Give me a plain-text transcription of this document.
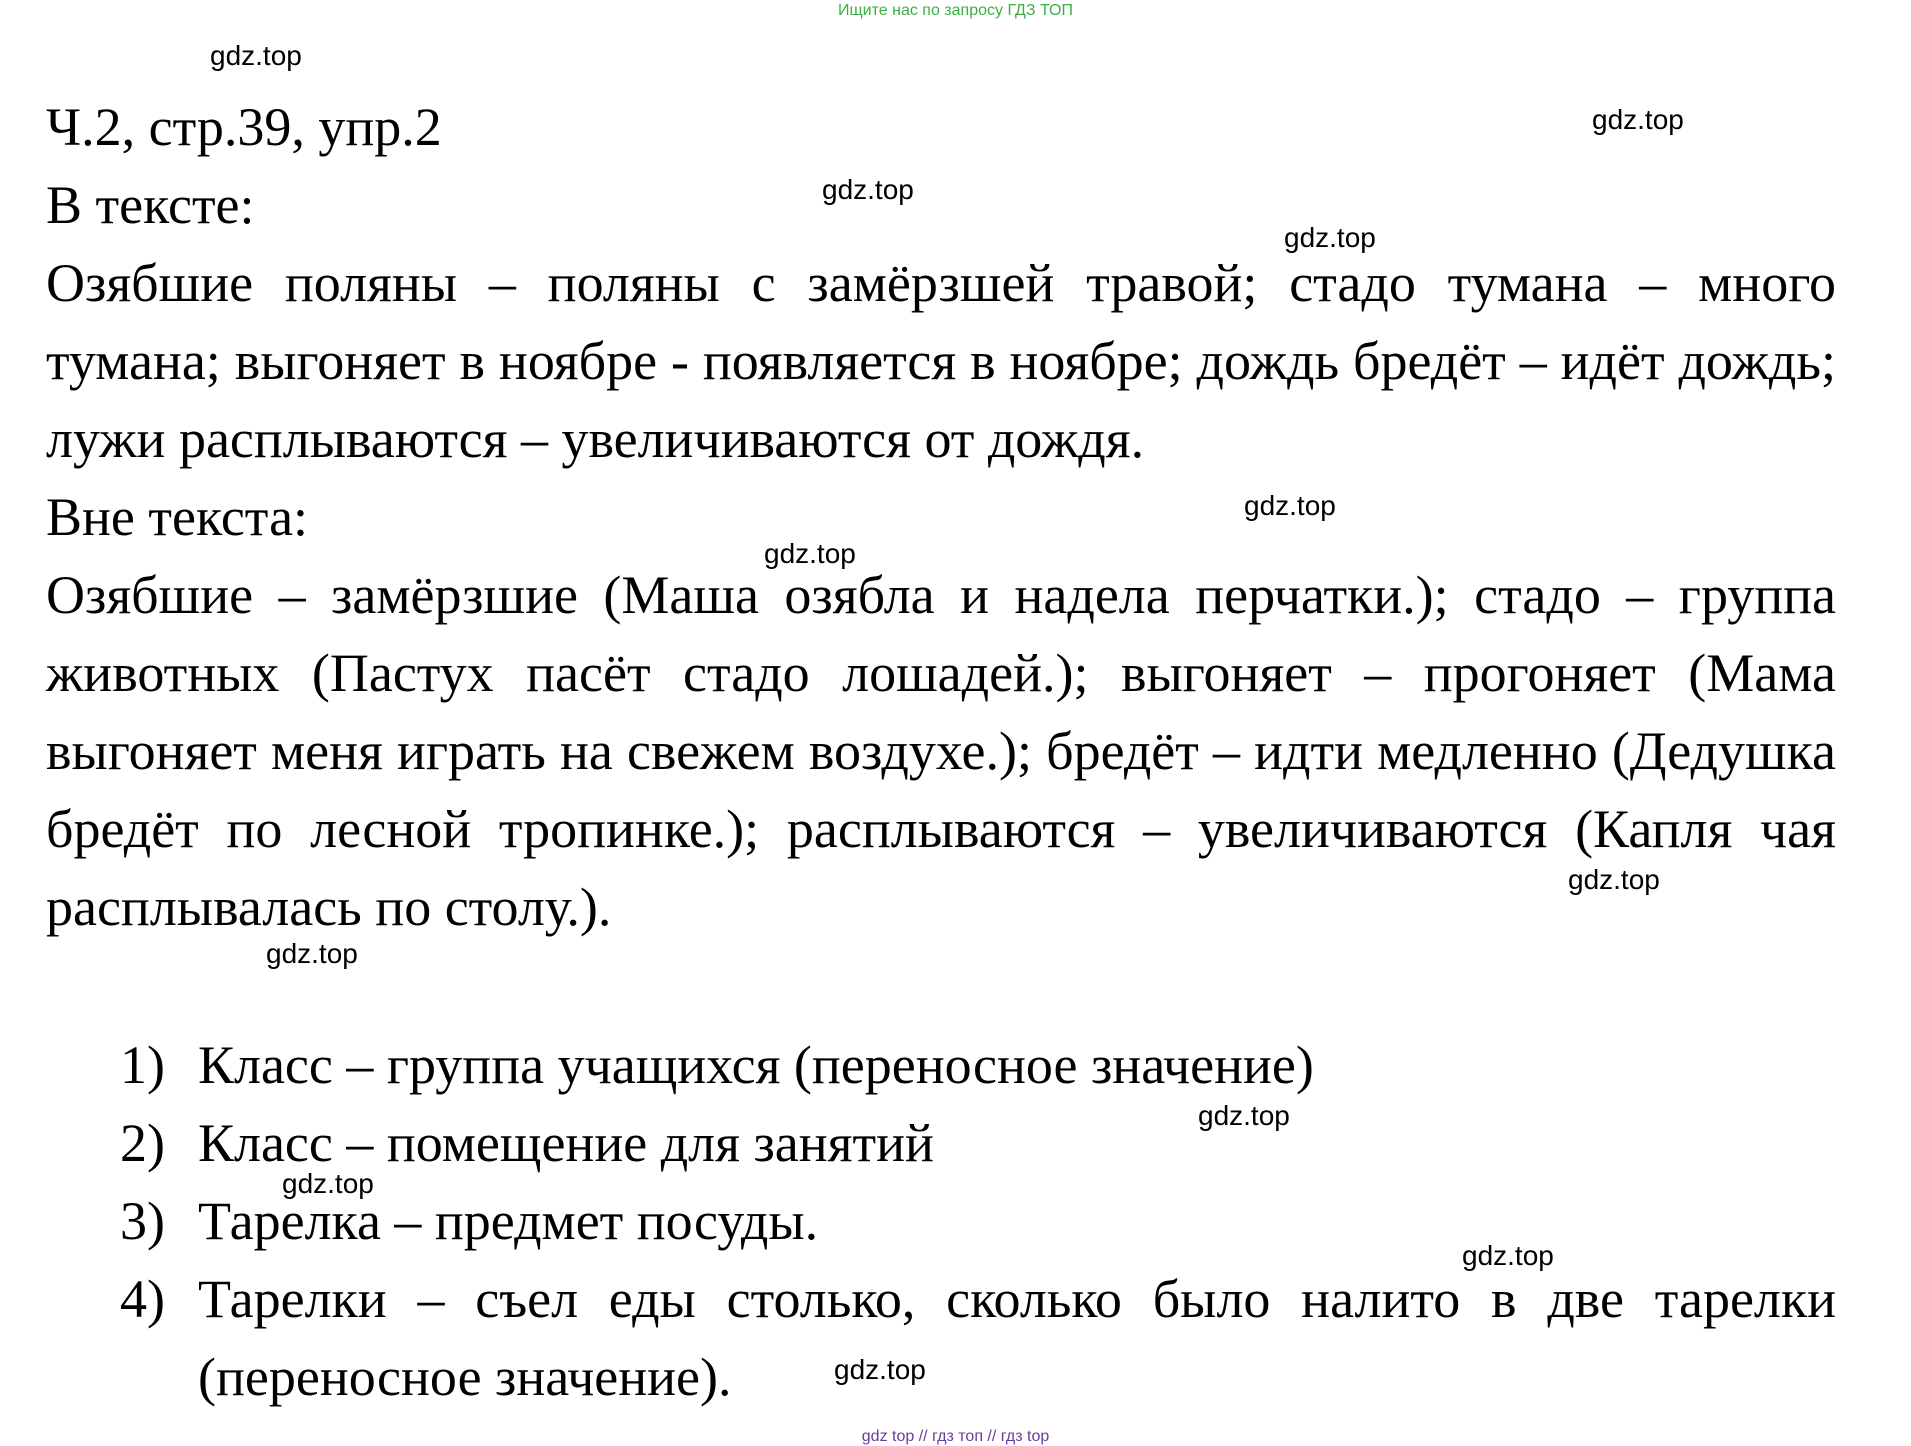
Ищите нас по запросу ГДЗ ТОП
gdz.top
gdz.top
gdz.top
gdz.top
gdz.top
gdz.top
gdz.top
gdz.top
gdz.top
gdz.top
gdz.top
gdz.top
Ч.2, стр.39, упр.2
В тексте:
Озябшие поляны – поляны с замёрзшей травой; стадо тумана – много тумана; выгоняет в ноябре - появляется в ноябре; дождь бредёт – идёт дождь; лужи расплываются – увеличиваются от дождя.
Вне текста:
Озябшие – замёрзшие (Маша озябла и надела перчатки.); стадо – группа животных (Пастух пасёт стадо лошадей.); выгоняет – прогоняет (Мама выгоняет меня играть на свежем воздухе.); бредёт – идти медленно (Дедушка бредёт по лесной тропинке.); расплываются – увеличиваются (Капля чая расплывалась по столу.).
1) Класс – группа учащихся (переносное значение)
2) Класс – помещение для занятий
3) Тарелка – предмет посуды.
4) Тарелки – съел еды столько, сколько было налито в две тарелки (переносное значение).
gdz top // гдз топ // гдз top
